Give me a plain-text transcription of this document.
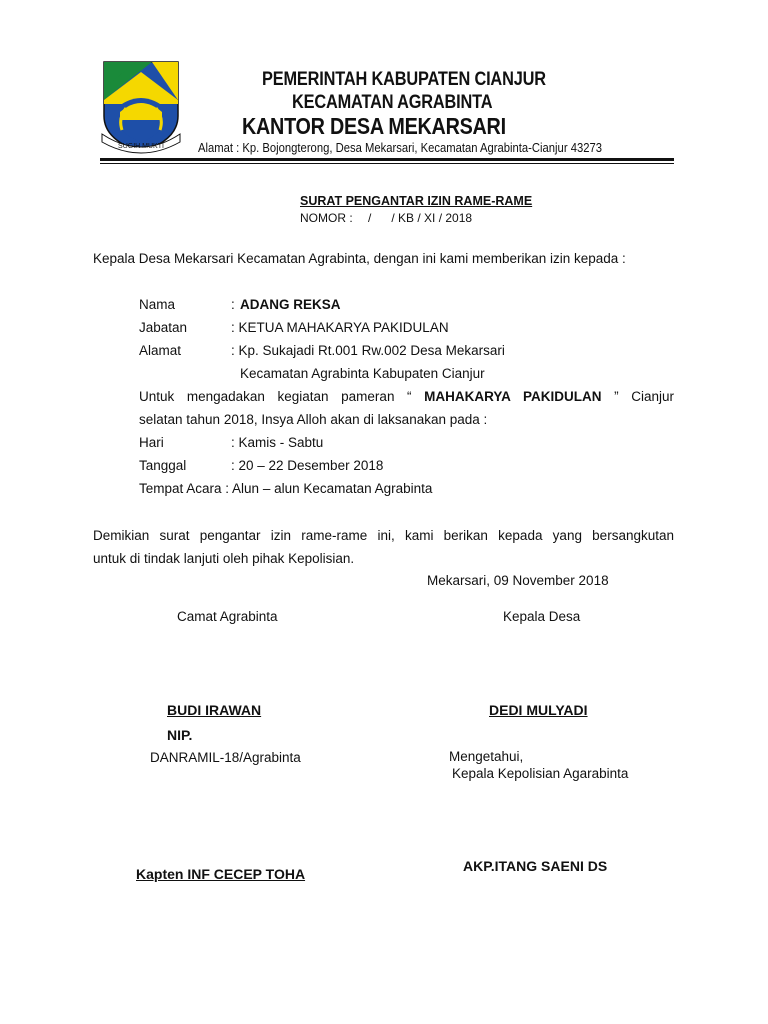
SUGIH MUKTI
PEMERINTAH KABUPATEN CIANJUR
KECAMATAN AGRABINTA
KANTOR DESA MEKARSARI
Alamat : Kp. Bojongterong, Desa Mekarsari, Kecamatan Agrabinta-Cianjur 43273
SURAT PENGANTAR IZIN RAME-RAME
NOMOR : /      / KB / XI / 2018
Kepala Desa Mekarsari Kecamatan Agrabinta, dengan ini kami memberikan izin kepada :
Nama	: ADANG REKSA
Jabatan	: KETUA MAHAKARYA PAKIDULAN
Alamat	: Kp. Sukajadi Rt.001 Rw.002 Desa Mekarsari
Kecamatan Agrabinta Kabupaten Cianjur
Untuk mengadakan kegiatan pameran “ MAHAKARYA PAKIDULAN ” Cianjur
selatan tahun 2018, Insya Alloh akan di laksanakan pada :
Hari	: Kamis - Sabtu
Tanggal	: 20 – 22 Desember 2018
Tempat Acara : Alun – alun Kecamatan Agrabinta
Demikian surat pengantar izin rame-rame ini, kami berikan kepada yang bersangkutan
untuk di tindak lanjuti oleh pihak Kepolisian.
Mekarsari, 09 November 2018
Camat Agrabinta	Kepala Desa
BUDI IRAWAN	DEDI MULYADI
NIP.
DANRAMIL-18/Agrabinta	Mengetahui,
Kepala Kepolisian Agarabinta
Kapten INF CECEP TOHA	AKP.ITANG SAENI DS
